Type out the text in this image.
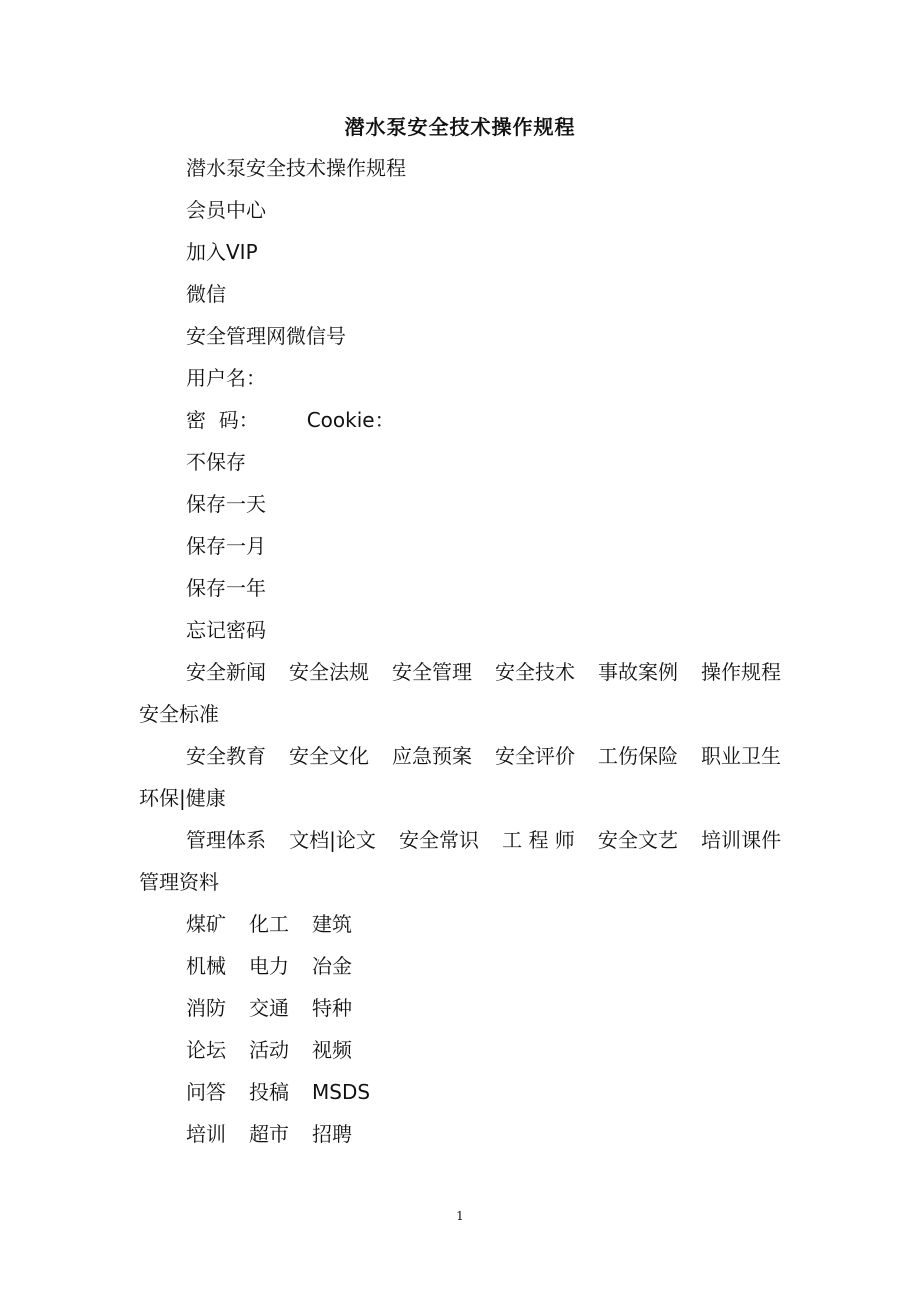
潜水泵安全技术操作规程

潜水泵安全技术操作规程

会员中心

加入VIP

微信

安全管理网微信号

用户名：

密  码： Cookie：

不保存

保存一天

保存一月

保存一年

忘记密码

安全新闻 安全法规 安全管理 安全技术 事故案例 操作规程安全标准

安全教育 安全文化 应急预案 安全评价 工伤保险 职业卫生环保|健康

管理体系 文档|论文 安全常识 工 程 师 安全文艺 培训课件管理资料

煤矿 化工 建筑

机械 电力 冶金

消防 交通 特种

论坛 活动 视频

问答 投稿 MSDS

培训 超市 招聘

1
